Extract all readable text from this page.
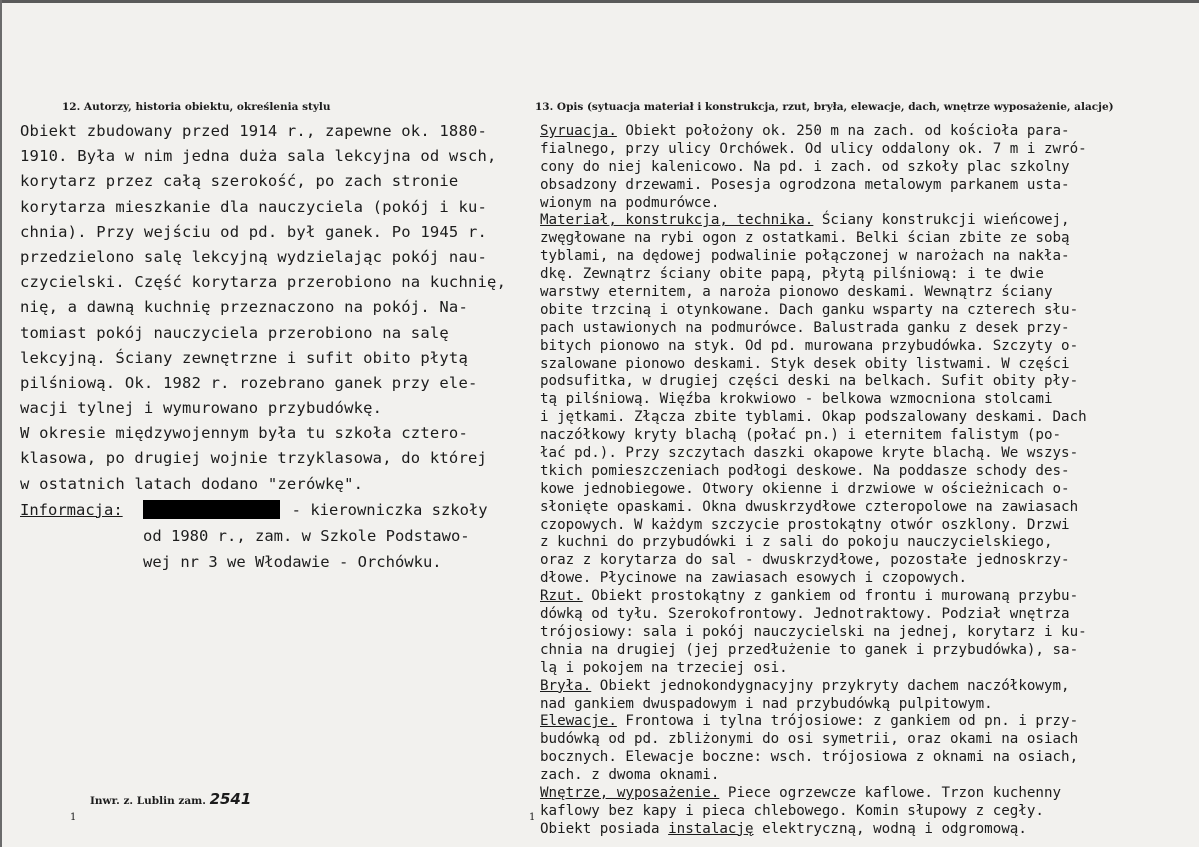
12. Autorzy, historia obiektu, określenia stylu	13. Opis (sytuacja materiał i konstrukcja, rzut, bryła, elewacje, dach, wnętrze wyposażenie, alacje)
Obiekt zbudowany przed 1914 r., zapewne ok. 1880-
1910. Była w nim jedna duża sala lekcyjna od wsch,
korytarz przez całą szerokość, po zach stronie
korytarza mieszkanie dla nauczyciela (pokój i ku-
chnia). Przy wejściu od pd. był ganek. Po 1945 r.
przedzielono salę lekcyjną wydzielając pokój nau-
czycielski. Część korytarza przerobiono na kuchnię,
nię, a dawną kuchnię przeznaczono na pokój. Na-
tomiast pokój nauczyciela przerobiono na salę
lekcyjną. Ściany zewnętrzne i sufit obito płytą
pilśniową. Ok. 1982 r. rozebrano ganek przy ele-
wacji tylnej i wymurowano przybudówkę.
W okresie międzywojennym była tu szkoła cztero-
klasowa, po drugiej wojnie trzyklasowa, do której
w ostatnich latach dodano "zerówkę".
Informacja:	- kierowniczka szkoły
od 1980 r., zam. w Szkole Podstawo-
wej nr 3 we Włodawie - Orchówku.
Syruacja. Obiekt położony ok. 250 m na zach. od kościoła para-
fialnego, przy ulicy Orchówek. Od ulicy oddalony ok. 7 m i zwró-
cony do niej kalenicowo. Na pd. i zach. od szkoły plac szkolny
obsadzony drzewami. Posesja ogrodzona metalowym parkanem usta-
wionym na podmurówce.
Materiał, konstrukcja, technika. Ściany konstrukcji wieńcowej,
zwęgłowane na rybi ogon z ostatkami. Belki ścian zbite ze sobą
tyblami, na dędowej podwalinie połączonej w narożach na nakła-
dkę. Zewnątrz ściany obite papą, płytą pilśniową: i te dwie
warstwy eternitem, a naroża pionowo deskami. Wewnątrz ściany
obite trzciną i otynkowane. Dach ganku wsparty na czterech słu-
pach ustawionych na podmurówce. Balustrada ganku z desek przy-
bitych pionowo na styk. Od pd. murowana przybudówka. Szczyty o-
szalowane pionowo deskami. Styk desek obity listwami. W części
podsufitka, w drugiej części deski na belkach. Sufit obity pły-
tą pilśniową. Więźba krokwiowo - belkowa wzmocniona stolcami
i jętkami. Złącza zbite tyblami. Okap podszalowany deskami. Dach
naczółkowy kryty blachą (połać pn.) i eternitem falistym (po-
łać pd.). Przy szczytach daszki okapowe kryte blachą. We wszys-
tkich pomieszczeniach podłogi deskowe. Na poddasze schody des-
kowe jednobiegowe. Otwory okienne i drzwiowe w ościeżnicach o-
słonięte opaskami. Okna dwuskrzydłowe czteropolowe na zawiasach
czopowych. W każdym szczycie prostokątny otwór oszklony. Drzwi
z kuchni do przybudówki i z sali do pokoju nauczycielskiego,
oraz z korytarza do sal - dwuskrzydłowe, pozostałe jednoskrzy-
dłowe. Płycinowe na zawiasach esowych i czopowych.
Rzut. Obiekt prostokątny z gankiem od frontu i murowaną przybu-
dówką od tyłu. Szerokofrontowy. Jednotraktowy. Podział wnętrza
trójosiowy: sala i pokój nauczycielski na jednej, korytarz i ku-
chnia na drugiej (jej przedłużenie to ganek i przybudówka), sa-
lą i pokojem na trzeciej osi.
Bryła. Obiekt jednokondygnacyjny przykryty dachem naczółkowym,
nad gankiem dwuspadowym i nad przybudówką pulpitowym.
Elewacje. Frontowa i tylna trójosiowe: z gankiem od pn. i przy-
budówką od pd. zbliżonymi do osi symetrii, oraz okami na osiach
bocznych. Elewacje boczne: wsch. trójosiowa z oknami na osiach,
zach. z dwoma oknami.
Wnętrze, wyposażenie. Piece ogrzewcze kaflowe. Trzon kuchenny
kaflowy bez kapy i pieca chlebowego. Komin słupowy z cegły.
Obiekt posiada instalację elektryczną, wodną i odgromową.
Inwr. z. Lublin zam. 2541
1	1
